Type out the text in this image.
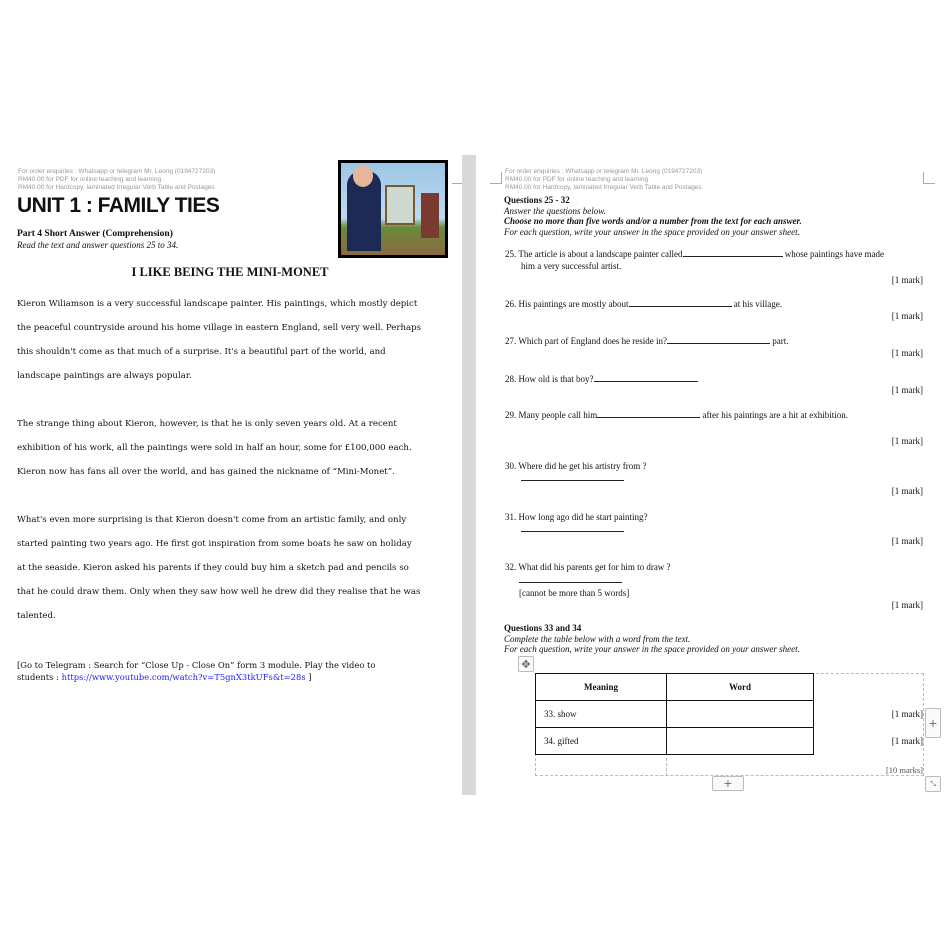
For order enquiries : Whatsapp or telegram Mr. Leong (0194727203)
RM40.00 for PDF for online teaching and learning
RM40.00 for Hardcopy, laminated Irregular Verb Table and Postages
UNIT 1 : FAMILY TIES
Part 4 Short Answer (Comprehension)
Read the text and answer questions 25 to 34.
I LIKE BEING THE MINI-MONET
Kieron Wiliamson is a very successful landscape painter. His paintings, which mostly depict
the peaceful countryside around his home village in eastern England, sell very well. Perhaps
this shouldn't come as that much of a surprise. It's a beautiful part of the world, and
landscape paintings are always popular.
The strange thing about Kieron, however, is that he is only seven years old. At a recent
exhibition of his work, all the paintings were sold in half an hour, some for £100,000 each.
Kieron now has fans all over the world, and has gained the nickname of “Mini-Monet”.
What's even more surprising is that Kieron doesn't come from an artistic family, and only
started painting two years ago. He first got inspiration from some boats he saw on holiday
at the seaside. Kieron asked his parents if they could buy him a sketch pad and pencils so
that he could draw them. Only when they saw how well he drew did they realise that he was
talented.
[Go to Telegram : Search for “Close Up - Close On” form 3 module. Play the video to
students : https://www.youtube.com/watch?v=T5gnX3tkUFs&t=28s ]
For order enquiries : Whatsapp or telegram Mr. Leong (0194727203)
RM40.00 for PDF for online teaching and learning
RM40.00 for Hardcopy, laminated Irregular Verb Table and Postages
Questions 25 - 32
Answer the questions below.
Choose no more than five words and/or a number from the text for each answer.
For each question, write your answer in the space provided on your answer sheet.
25. The article is about a landscape painter called	whose paintings have made
him a very successful artist.
[1 mark]
26. His paintings are mostly about	at his village.
[1 mark]
27. Which part of England does he reside in?	part.
[1 mark]
28. How old is that boy?	.
[1 mark]
29. Many people call him	after his paintings are a hit at exhibition.
[1 mark]
30. Where did he get his artistry from ?
[1 mark]
31. How long ago did he start painting?
[1 mark]
32. What did his parents get for him to draw ?
[cannot be more than 5 words]
[1 mark]
Questions 33 and 34
Complete the table below with a word from the text.
For each question, write your answer in the space provided on your answer sheet.
✥
Meaning	Word
33. show	
34. gifted	
[1 mark]
[1 mark]
[10 marks]
+
+	⤡
